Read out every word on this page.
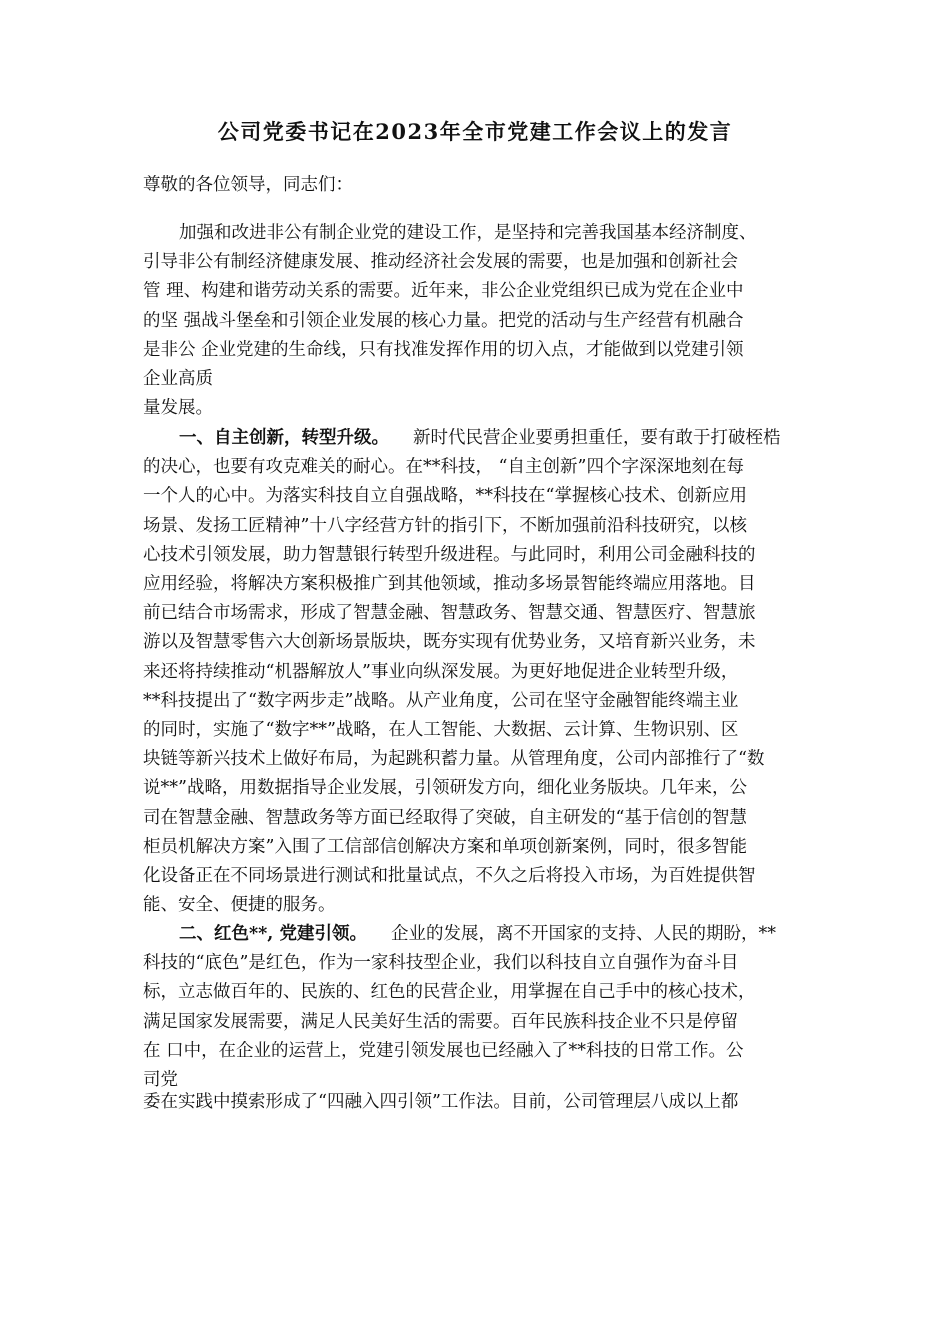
公司党委书记在2023年全市党建工作会议上的发言
尊敬的各位领导，同志们：
加强和改进非公有制企业党的建设工作，是坚持和完善我国基本经济制度、
引导非公有制经济健康发展、推动经济社会发展的需要，也是加强和创新社会
管 理、构建和谐劳动关系的需要。近年来，非公企业党组织已成为党在企业中
的坚 强战斗堡垒和引领企业发展的核心力量。把党的活动与生产经营有机融合
是非公 企业党建的生命线，只有找准发挥作用的切入点，才能做到以党建引领
企业高质
量发展。
一、自主创新，转型升级。 新时代民营企业要勇担重任，要有敢于打破桎梏
的决心，也要有攻克难关的耐心。在**科技， “自主创新”四个字深深地刻在每
一个人的心中。为落实科技自立自强战略，**科技在“掌握核心技术、创新应用
场景、发扬工匠精神”十八字经营方针的指引下，不断加强前沿科技研究，以核
心技术引领发展，助力智慧银行转型升级进程。与此同时，利用公司金融科技的
应用经验，将解决方案积极推广到其他领域，推动多场景智能终端应用落地。目
前已结合市场需求，形成了智慧金融、智慧政务、智慧交通、智慧医疗、智慧旅
游以及智慧零售六大创新场景版块，既夯实现有优势业务，又培育新兴业务，未
来还将持续推动“机器解放人”事业向纵深发展。为更好地促进企业转型升级，
**科技提出了“数字两步走”战略。从产业角度，公司在坚守金融智能终端主业
的同时，实施了“数字**”战略，在人工智能、大数据、云计算、生物识别、区
块链等新兴技术上做好布局，为起跳积蓄力量。从管理角度，公司内部推行了“数
说**”战略，用数据指导企业发展，引领研发方向，细化业务版块。几年来，公
司在智慧金融、智慧政务等方面已经取得了突破，自主研发的“基于信创的智慧
柜员机解决方案”入围了工信部信创解决方案和单项创新案例，同时，很多智能
化设备正在不同场景进行测试和批量试点，不久之后将投入市场，为百姓提供智
能、安全、便捷的服务。
二、红色**, 党建引领。 企业的发展，离不开国家的支持、人民的期盼，**
科技的“底色”是红色，作为一家科技型企业，我们以科技自立自强作为奋斗目
标，立志做百年的、民族的、红色的民营企业，用掌握在自己手中的核心技术，
满足国家发展需要，满足人民美好生活的需要。百年民族科技企业不只是停留
在 口中，在企业的运营上，党建引领发展也已经融入了**科技的日常工作。公
司党
委在实践中摸索形成了“四融入四引领”工作法。目前，公司管理层八成以上都
